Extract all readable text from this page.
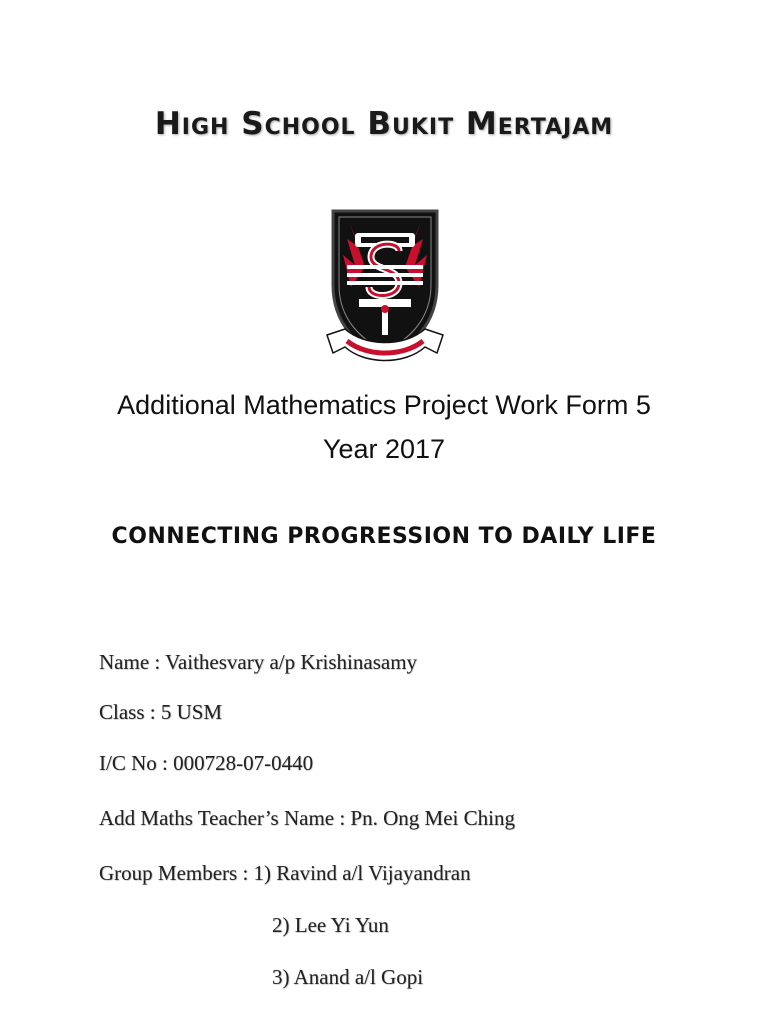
High School Bukit Mertajam
Additional Mathematics Project Work Form 5
Year 2017
CONNECTING PROGRESSION TO DAILY LIFE
Name : Vaithesvary a/p Krishinasamy
Class : 5 USM
I/C No : 000728-07-0440
Add Maths Teacher’s Name : Pn. Ong Mei Ching
Group Members : 1) Ravind a/l Vijayandran
2) Lee Yi Yun
3) Anand a/l Gopi
